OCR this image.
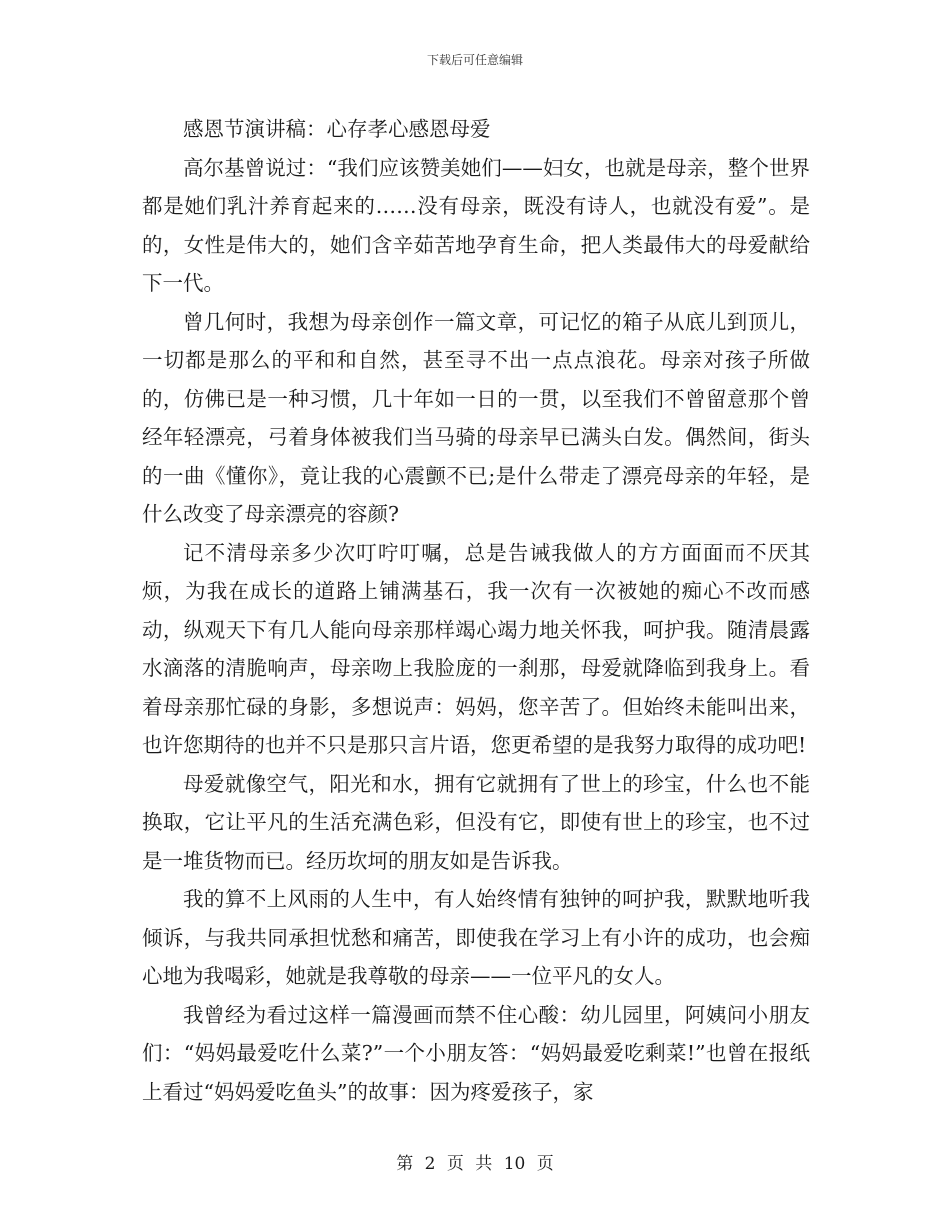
下载后可任意编辑

感恩节演讲稿：心存孝心感恩母爱

高尔基曾说过：“我们应该赞美她们——妇女，也就是母亲，整个世界都是她们乳汁养育起来的……没有母亲，既没有诗人，也就没有爱”。是的，女性是伟大的，她们含辛茹苦地孕育生命，把人类最伟大的母爱献给下一代。

曾几何时，我想为母亲创作一篇文章，可记忆的箱子从底儿到顶儿，一切都是那么的平和和自然，甚至寻不出一点点浪花。母亲对孩子所做的，仿佛已是一种习惯，几十年如一日的一贯，以至我们不曾留意那个曾经年轻漂亮，弓着身体被我们当马骑的母亲早已满头白发。偶然间，街头的一曲《懂你》，竟让我的心震颤不已;是什么带走了漂亮母亲的年轻，是什么改变了母亲漂亮的容颜?

记不清母亲多少次叮咛叮嘱，总是告诫我做人的方方面面而不厌其烦，为我在成长的道路上铺满基石，我一次有一次被她的痴心不改而感动，纵观天下有几人能向母亲那样竭心竭力地关怀我，呵护我。随清晨露水滴落的清脆响声，母亲吻上我脸庞的一刹那，母爱就降临到我身上。看着母亲那忙碌的身影，多想说声：妈妈，您辛苦了。但始终未能叫出来，也许您期待的也并不只是那只言片语，您更希望的是我努力取得的成功吧!

母爱就像空气，阳光和水，拥有它就拥有了世上的珍宝，什么也不能换取，它让平凡的生活充满色彩，但没有它，即使有世上的珍宝，也不过是一堆货物而已。经历坎坷的朋友如是告诉我。

我的算不上风雨的人生中，有人始终情有独钟的呵护我，默默地听我倾诉，与我共同承担忧愁和痛苦，即使我在学习上有小许的成功，也会痴心地为我喝彩，她就是我尊敬的母亲——一位平凡的女人。

我曾经为看过这样一篇漫画而禁不住心酸：幼儿园里，阿姨问小朋友们：“妈妈最爱吃什么菜?”一个小朋友答：“妈妈最爱吃剩菜!”也曾在报纸上看过“妈妈爱吃鱼头”的故事：因为疼爱孩子，家

第 2 页 共 10 页
